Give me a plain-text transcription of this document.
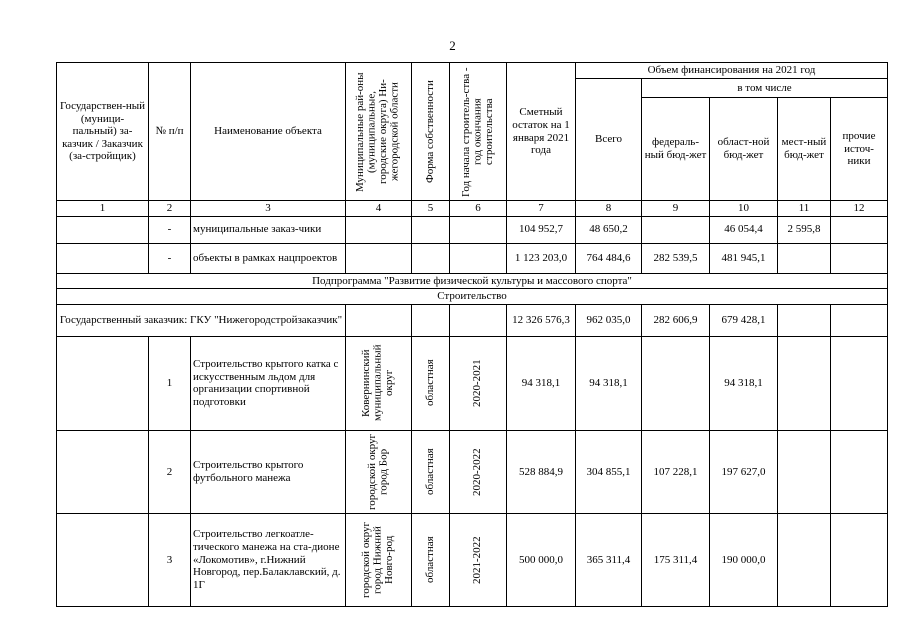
2
Государствен-ный (муници-пальный) за-казчик / Заказчик (за-стройщик)	№ п/п	Наименование объекта	Муниципальные рай-оны (муниципальные, городские округа) Ни-жегородской области	Форма собственности	Год начала строитель-ства - год окончания строительства	Сметный остаток на 1 января 2021 года	Объем финансирования на 2021 год				
							Всего	в том числе			
								федераль-ный бюд-жет	област-ной бюд-жет	мест-ный бюд-жет	прочие источ-ники
1	2	3	4	5	6	7	8	9	10	11	12
	-	муниципальные заказ-чики				104 952,7	48 650,2		46 054,4	2 595,8	
	-	объекты в рамках нацпроектов				1 123 203,0	764 484,6	282 539,5	481 945,1		
Подпрограмма "Развитие физической культуры и массового спорта"											
Строительство											
Государственный заказчик: ГКУ "Нижегородстройзаказчик"						12 326 576,3	962 035,0	282 606,9	679 428,1		
	1	Строительство крытого катка с искусственным льдом для организации спортивной подготовки	Ковернинский муниципальный округ	областная	2020-2021	94 318,1	94 318,1		94 318,1		
	2	Строительство крытого футбольного манежа	городской округ город Бор	областная	2020-2022	528 884,9	304 855,1	107 228,1	197 627,0		
	3	Строительство легкоатле-тического манежа на ста-дионе «Локомотив», г.Нижний Новгород, пер.Балаклавский, д. 1Г	городской округ город Нижний Новго-род	областная	2021-2022	500 000,0	365 311,4	175 311,4	190 000,0		
